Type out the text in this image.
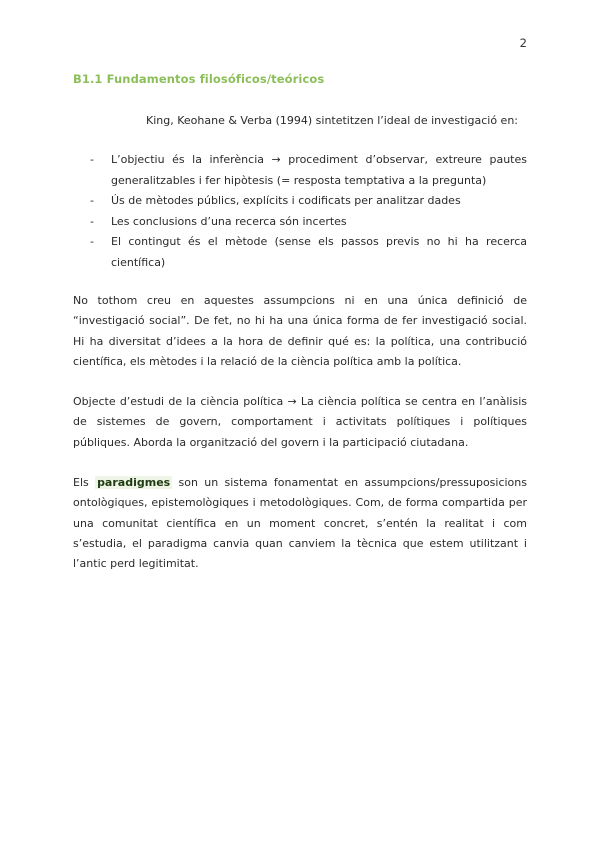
2
B1.1 Fundamentos filosóficos/teóricos
King, Keohane & Verba (1994) sintetitzen l’ideal de investigació en:
- L’objectiu és la inferència → procediment d’observar, extreure pautes generalitzables i fer hipòtesis (= resposta temptativa a la pregunta)
- Ús de mètodes públics, explícits i codificats per analitzar dades
- Les conclusions d’una recerca són incertes
- El contingut és el mètode (sense els passos previs no hi ha recerca científica)

No tothom creu en aquestes assumpcions ni en una única definició de “investigació social”. De fet, no hi ha una única forma de fer investigació social. Hi ha diversitat d’idees a la hora de definir qué es: la política, una contribució científica, els mètodes i la relació de la ciència política amb la política.

Objecte d’estudi de la ciència política → La ciència política se centra en l’anàlisis de sistemes de govern, comportament i activitats polítiques i polítiques públiques. Aborda la organització del govern i la participació ciutadana.

Els paradigmes son un sistema fonamentat en assumpcions/pressuposicions ontològiques, epistemològiques i metodològiques. Com, de forma compartida per una comunitat científica en un moment concret, s’entén la realitat i com s’estudia, el paradigma canvia quan canviem la tècnica que estem utilitzant i l’antic perd legitimitat.
